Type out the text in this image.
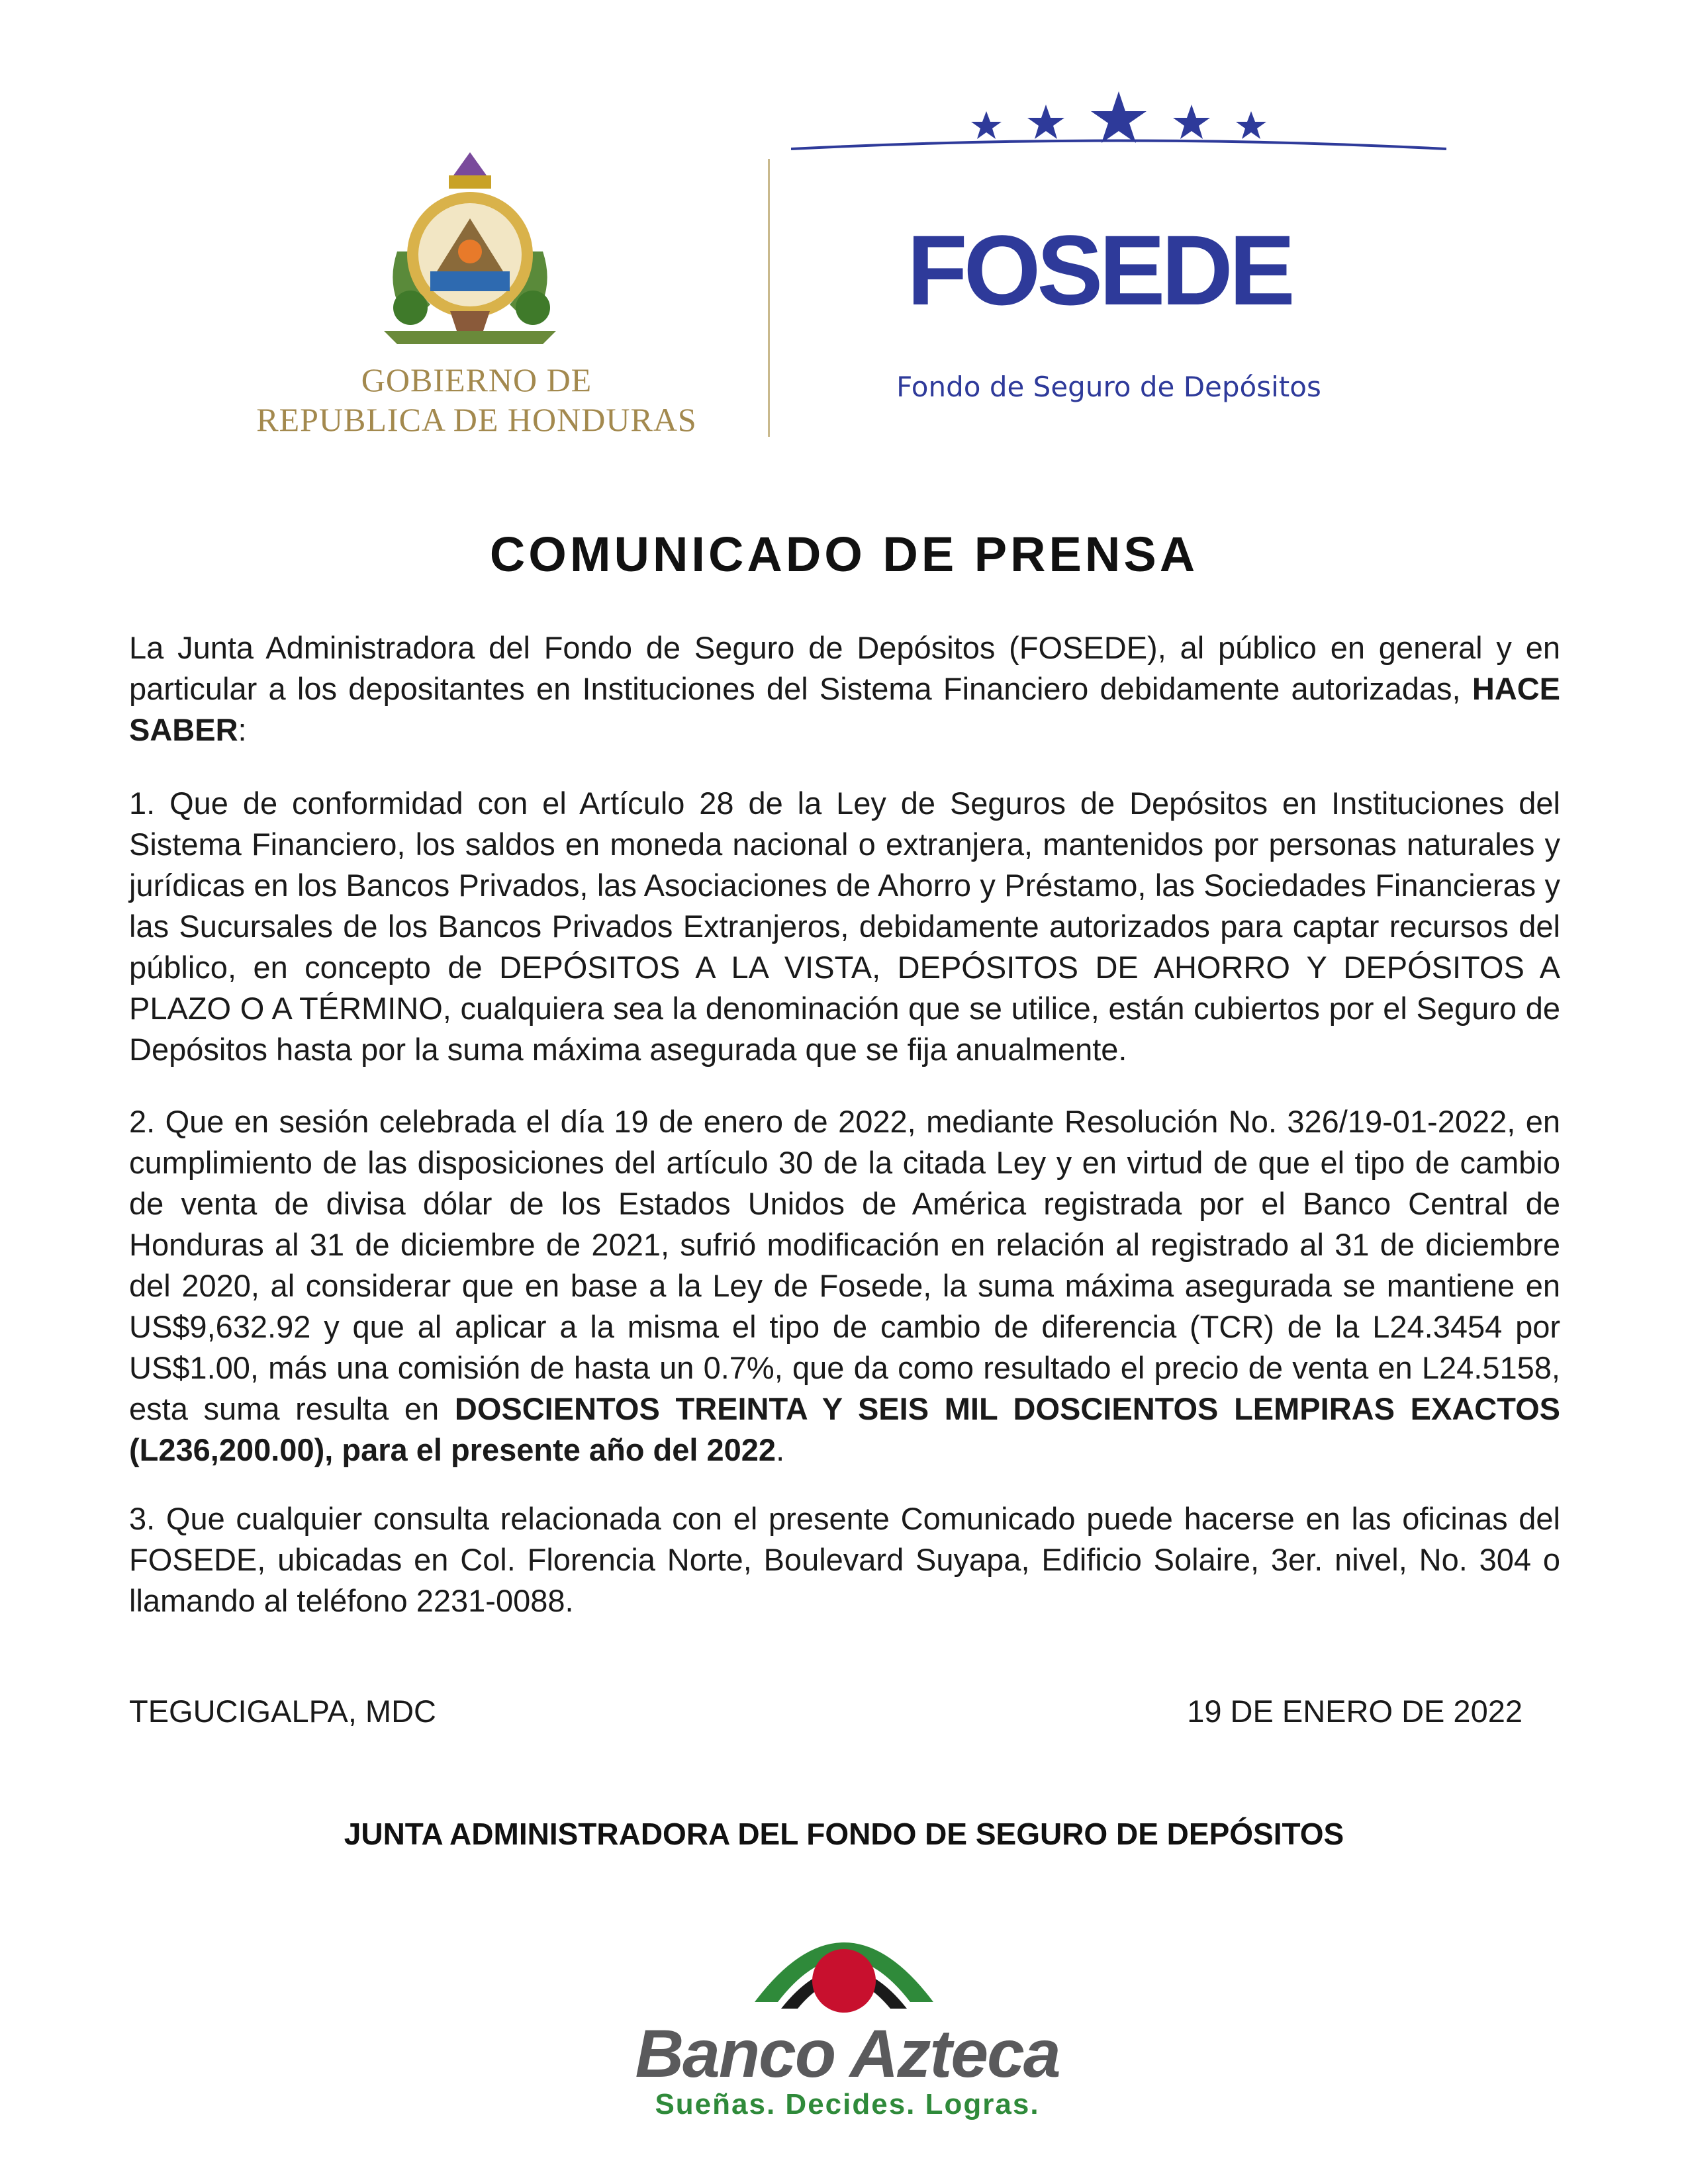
GOBIERNO DE
REPUBLICA DE HONDURAS
FOSEDE
Fondo de Seguro de Depósitos
COMUNICADO DE PRENSA
La Junta Administradora del Fondo de Seguro de Depósitos (FOSEDE), al público en general y en particular a los depositantes en Instituciones del Sistema Financiero debidamente autorizadas, HACE SABER:
1. Que de conformidad con el Artículo 28 de la Ley de Seguros de Depósitos en Instituciones del Sistema Financiero, los saldos en moneda nacional o extranjera, mantenidos por personas naturales y jurídicas en los Bancos Privados, las Asociaciones de Ahorro y Préstamo, las Sociedades Financieras y las Sucursales de los Bancos Privados Extranjeros, debidamente autorizados para captar recursos del público, en concepto de DEPÓSITOS A LA VISTA, DEPÓSITOS DE AHORRO Y DEPÓSITOS A PLAZO O A TÉRMINO, cualquiera sea la denominación que se utilice, están cubiertos por el Seguro de Depósitos hasta por la suma máxima asegurada que se fija anualmente.
2. Que en sesión celebrada el día 19 de enero de 2022, mediante Resolución No. 326/19-01-2022, en cumplimiento de las disposiciones del artículo 30 de la citada Ley y en virtud de que el tipo de cambio de venta de divisa dólar de los Estados Unidos de América registrada por el Banco Central de Honduras al 31 de diciembre de 2021, sufrió modificación en relación al registrado al 31 de diciembre del 2020, al considerar que en base a la Ley de Fosede, la suma máxima asegurada se mantiene en US$9,632.92 y que al aplicar a la misma el tipo de cambio de diferencia (TCR) de la L24.3454 por US$1.00, más una comisión de hasta un 0.7%, que da como resultado el precio de venta en L24.5158, esta suma resulta en DOSCIENTOS TREINTA Y SEIS MIL DOSCIENTOS LEMPIRAS EXACTOS (L236,200.00), para el presente año del 2022.
3. Que cualquier consulta relacionada con el presente Comunicado puede hacerse en las oficinas del FOSEDE, ubicadas en Col. Florencia Norte, Boulevard Suyapa, Edificio Solaire, 3er. nivel, No. 304 o llamando al teléfono 2231-0088.
TEGUCIGALPA, MDC	19 DE ENERO DE 2022
JUNTA ADMINISTRADORA DEL FONDO DE SEGURO DE DEPÓSITOS
Banco Azteca
Sueñas. Decides. Logras.
